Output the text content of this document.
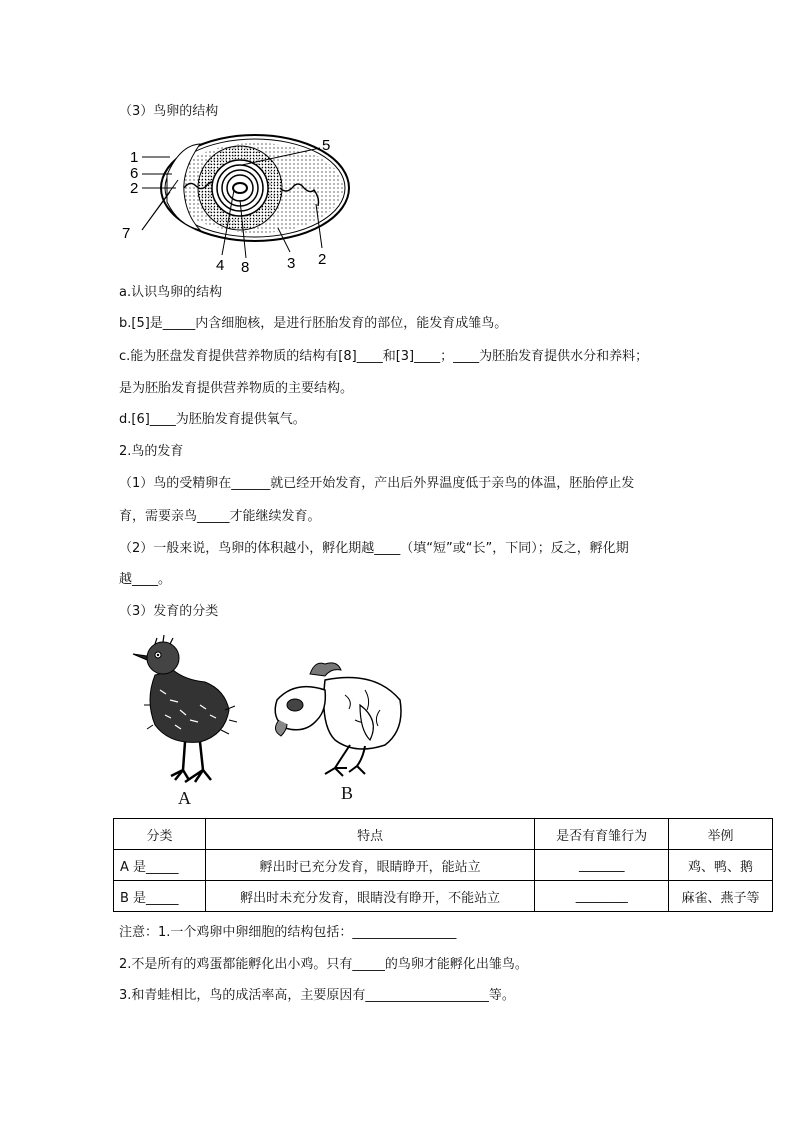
（3）鸟卵的结构
1
6
2
7
5
4 8	3 2
a.认识鸟卵的结构
b.[5]是_____内含细胞核，是进行胚胎发育的部位，能发育成雏鸟。
c.能为胚盘发育提供营养物质的结构有[8]____和[3]____；____为胚胎发育提供水分和养料；
是为胚胎发育提供营养物质的主要结构。
d.[6]____为胚胎发育提供氧气。
2.鸟的发育
（1）鸟的受精卵在______就已经开始发育，产出后外界温度低于亲鸟的体温，胚胎停止发
育，需要亲鸟_____才能继续发育。
（2）一般来说，鸟卵的体积越小，孵化期越____（填“短”或“长”，下同）；反之，孵化期
越____。
（3）发育的分类
A	B
分类	特点	是否有育雏行为	举例
A 是_____	孵出时已充分发育，眼睛睁开，能站立	_______	鸡、鸭、鹅
B 是_____	孵出时未充分发育，眼睛没有睁开，不能站立	________	麻雀、燕子等
注意：1.一个鸡卵中卵细胞的结构包括：________________
2.不是所有的鸡蛋都能孵化出小鸡。只有_____的鸟卵才能孵化出雏鸟。
3.和青蛙相比，鸟的成活率高，主要原因有___________________等。
